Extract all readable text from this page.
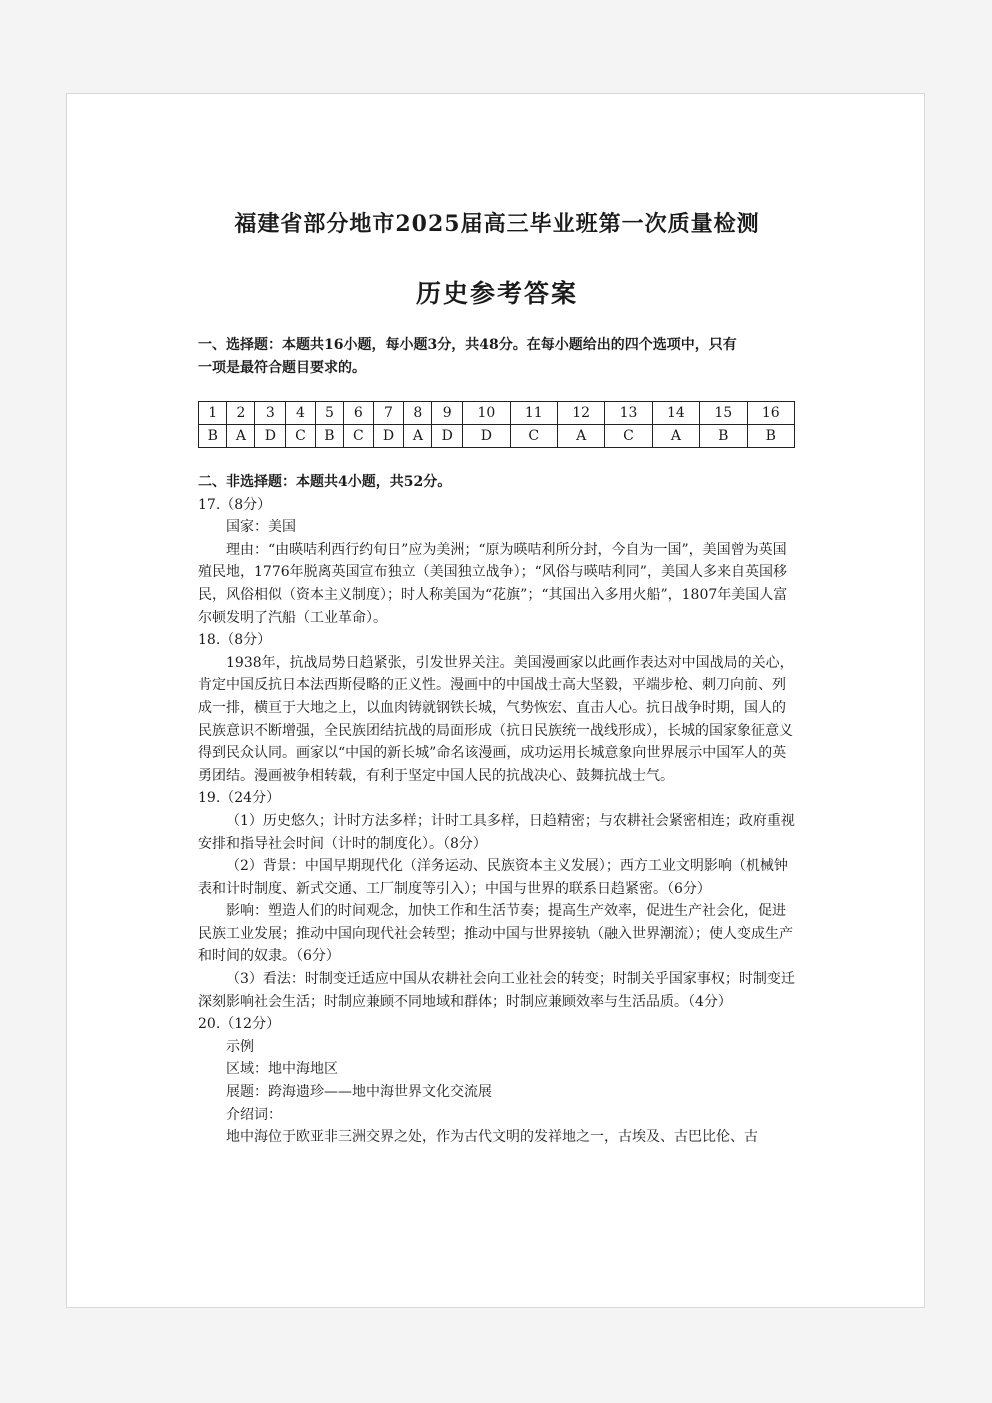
福建省部分地市2025届高三毕业班第一次质量检测
历史参考答案

一、选择题：本题共16小题，每小题3分，共48分。在每小题给出的四个选项中，只有

一项是最符合题目要求的。

1	2	3	4	5	6	7	8	9	10	11	12	13	14	15	16
B	A	D	C	B	C	D	A	D	D	C	A	C	A	B	B

二、非选择题：本题共4小题，共52分。

17.（8分）

国家：美国

理由：“由暎咭利西行约旬日”应为美洲；“原为暎咭利所分封，今自为一国”，美国曾为英国殖民地，1776年脱离英国宣布独立（美国独立战争）；“风俗与暎咭利同”，美国人多来自英国移民，风俗相似（资本主义制度）；时人称美国为“花旗”；“其国出入多用火船”，1807年美国人富尔顿发明了汽船（工业革命）。

18.（8分）

1938年，抗战局势日趋紧张，引发世界关注。美国漫画家以此画作表达对中国战局的关心，肯定中国反抗日本法西斯侵略的正义性。漫画中的中国战士高大坚毅，平端步枪、刺刀向前、列成一排，横亘于大地之上，以血肉铸就钢铁长城，气势恢宏、直击人心。抗日战争时期，国人的民族意识不断增强，全民族团结抗战的局面形成（抗日民族统一战线形成），长城的国家象征意义得到民众认同。画家以“中国的新长城”命名该漫画，成功运用长城意象向世界展示中国军人的英勇团结。漫画被争相转载，有利于坚定中国人民的抗战决心、鼓舞抗战士气。

19.（24分）

（1）历史悠久；计时方法多样；计时工具多样，日趋精密；与农耕社会紧密相连；政府重视安排和指导社会时间（计时的制度化）。（8分）

（2）背景：中国早期现代化（洋务运动、民族资本主义发展）；西方工业文明影响（机械钟表和计时制度、新式交通、工厂制度等引入）；中国与世界的联系日趋紧密。（6分）

影响：塑造人们的时间观念，加快工作和生活节奏；提高生产效率，促进生产社会化，促进民族工业发展；推动中国向现代社会转型；推动中国与世界接轨（融入世界潮流）；使人变成生产和时间的奴隶。（6分）

（3）看法：时制变迁适应中国从农耕社会向工业社会的转变；时制关乎国家事权；时制变迁深刻影响社会生活；时制应兼顾不同地域和群体；时制应兼顾效率与生活品质。（4分）

20.（12分）

示例

区域：地中海地区

展题：跨海遗珍——地中海世界文化交流展

介绍词：

地中海位于欧亚非三洲交界之处，作为古代文明的发祥地之一，古埃及、古巴比伦、古
